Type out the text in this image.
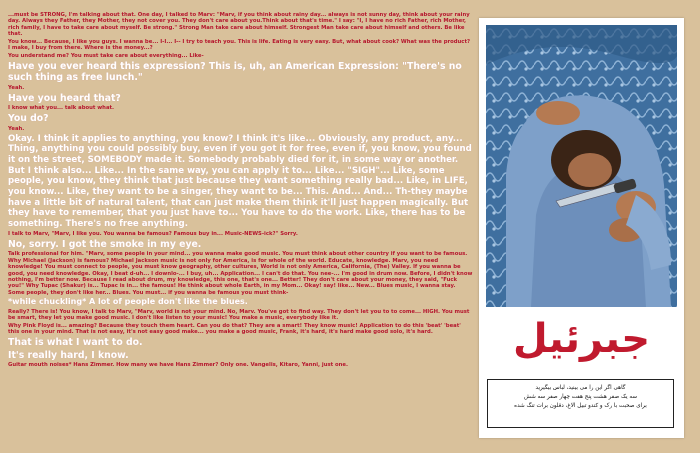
...must be STRONG, I'm talking about that. One day, I talked to Marv: "Marv, if you think about rainy day... always is not sunny day, think about your rainy day. Always they Father, they Mother, they not cover you. They don't care about you.Think about that's time." I say: "I, I have no rich Father, rich Mother, rich family, I have to take care about myself. Be strong." Strong Man take care about himself. Strongest Man take care about himself and others. Be like that.

You know... Because, I like you guys. I wanna be... I-I... I-- I try to teach you. This is life. Eating is very easy. But, what about cook? What was the product? I make, I buy from there. Where is the money...?

You understand me? You must take care about everything... Like-

Have you ever heard this expression? This is, uh, an American Expression: "There's no such thing as free lunch."

Yeah.

Have you heard that?

I know what you... talk about what.

You do?

Yeah.

Okay. I think it applies to anything, you know? I think it's like... Obviously, any product, any... Thing, anything you could possibly buy, even if you got it for free, even if, you know, you found it on the street, SOMEBODY made it. Somebody probably died for it, in some way or another. But I think also... Like... In the same way, you can apply it to... Like... "SIGH"... Like, some people, you know, they think that just because they want something really bad... Like, in LIFE, you know... Like, they want to be a singer, they want to be... This. And... And... Th-they maybe have a little bit of natural talent, that can just make them think it'll just happen magically. But they have to remember, that you just have to... You have to do the work. Like, there has to be something. There's no free anything.

I talk to Marv, "Marv, I like you. You wanna be famous? Famous buy in... Music-NEWS-ick?" Sorry.

No, sorry. I got the smoke in my eye.

Talk professional for him. "Marv, some people in your mind... you wanna make good music. You must think about other country if you want to be famous. Why Michael (Jackson) is famous? Michael Jackson music is not only for America, is for whole of the world. Educate, knowledge. Marv, you need knowledge! You must connect to people, you must know geography, other cultures, World is not only America, California, (The) Valley. If you wanna be good, you need knowledge. Okay, I beat d-uh... I downlo-... I buy, uh... Application... I can't do that. You nee-... I'm good in drum now. Before, I didn't know nothing, I'm better now. Because I read about drum, my knowledge, this one, that's one... Better! They don't care about your money, they said, "Fuck you!" Why Tupac (Shakur) is... Tupac is in... the famous! He think about whole Earth, in my Mom... Okay! say! like... New... Blues music, I wanna stay. Some people, they don't like her... Blues. You must... if you wanna be famous you must think-

*while chuckling* A lot of people don't like the blues.

Really? There is! You know, I talk to Marv, "Marv, world is not your mind. No, Marv. You've got to find way. They don't let you to to come... HIGH. You must be smart, they let you make good music. I don't like listen to your music! You make a music, everybody like it.

Why Pink Floyd is... amazing? Because they touch them heart. Can you do that? They are a smart! They know music! Application to do this 'beat' 'beat' this one in your mind. That is not easy, it's not easy good make... you make a good music, Frank, it's hard, it's hard make good solo, it's hard.

That is what I want to do.

It's really hard, I know.

Guitar mouth noises* Hans Zimmer. How many we have Hans Zimmer? Only one. Vangelis, Kitaro, Yanni, just one.

جبرئیل
گاهی اگر این را می بینید، لباس بیگیرید
سه یک صفر هشت پنج هفت چهار صفر سه شش
برای صحبت با رک و کندو تبیل الاغ، دقلون برات تنگ شده
